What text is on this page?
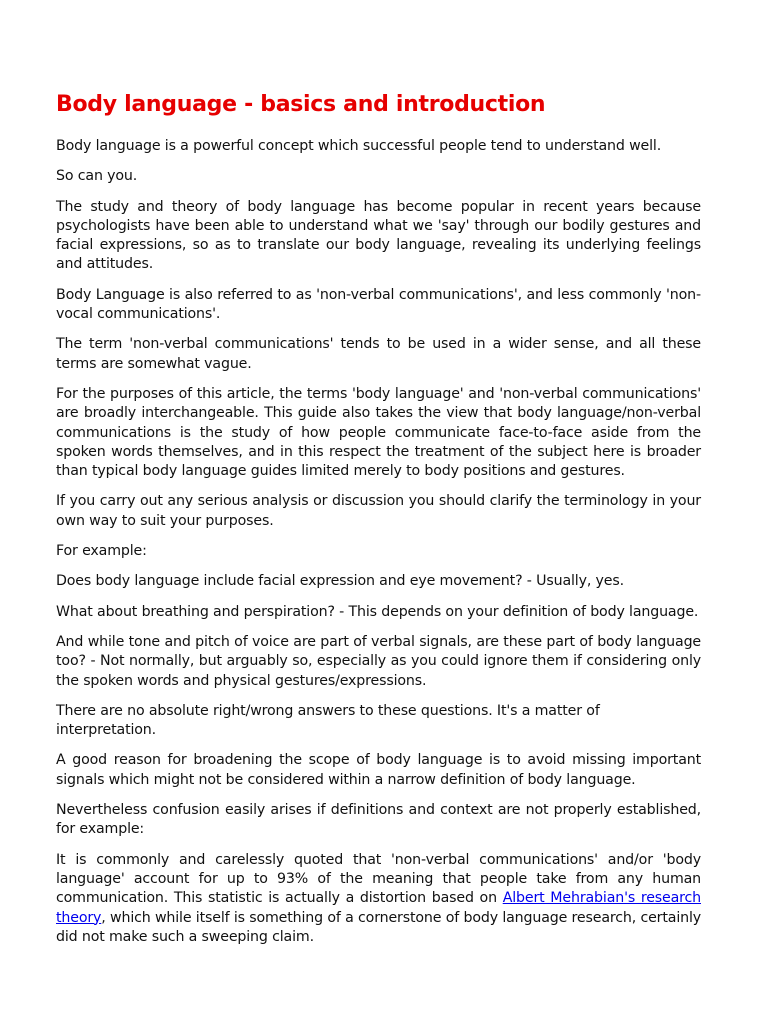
Body language - basics and introduction

Body language is a powerful concept which successful people tend to understand well.

So can you.

The study and theory of body language has become popular in recent years because psychologists have been able to understand what we 'say' through our bodily gestures and facial expressions, so as to translate our body language, revealing its underlying feelings and attitudes.

Body Language is also referred to as 'non-verbal communications', and less commonly 'non-vocal communications'.

The term 'non-verbal communications' tends to be used in a wider sense, and all these terms are somewhat vague.

For the purposes of this article, the terms 'body language' and 'non-verbal communications' are broadly interchangeable. This guide also takes the view that body language/non-verbal communications is the study of how people communicate face-to-face aside from the spoken words themselves, and in this respect the treatment of the subject here is broader than typical body language guides limited merely to body positions and gestures.

If you carry out any serious analysis or discussion you should clarify the terminology in your own way to suit your purposes.

For example:

Does body language include facial expression and eye movement? - Usually, yes.

What about breathing and perspiration? - This depends on your definition of body language.

And while tone and pitch of voice are part of verbal signals, are these part of body language too? - Not normally, but arguably so, especially as you could ignore them if considering only the spoken words and physical gestures/expressions.

There are no absolute right/wrong answers to these questions. It's a matter of interpretation.

A good reason for broadening the scope of body language is to avoid missing important signals which might not be considered within a narrow definition of body language.

Nevertheless confusion easily arises if definitions and context are not properly established, for example:

It is commonly and carelessly quoted that 'non-verbal communications' and/or 'body language' account for up to 93% of the meaning that people take from any human communication. This statistic is actually a distortion based on Albert Mehrabian's research theory, which while itself is something of a cornerstone of body language research, certainly did not make such a sweeping claim.
